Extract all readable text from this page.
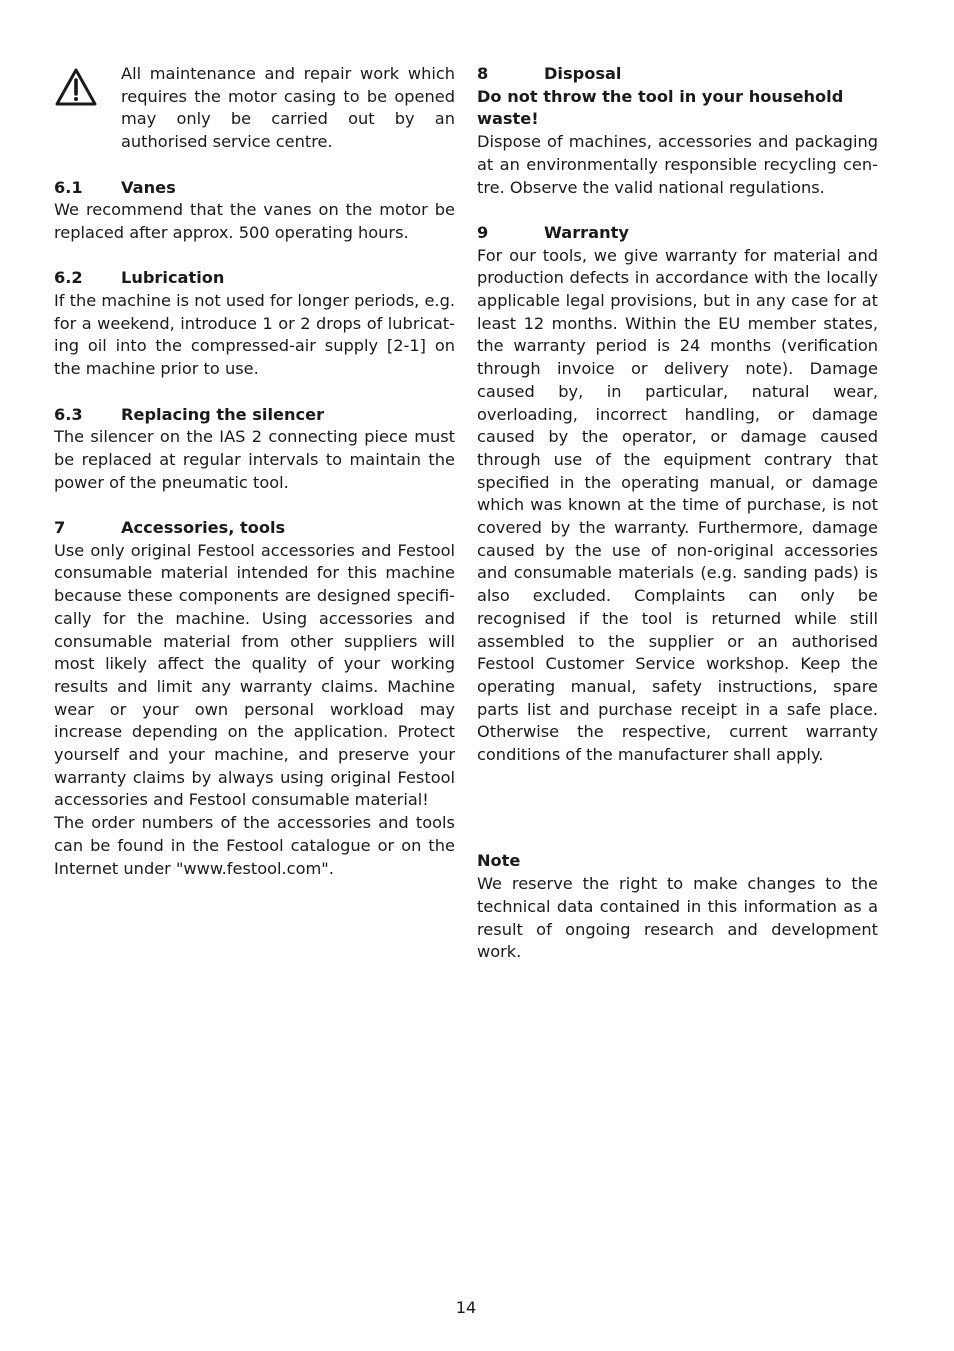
All maintenance and repair work which requires the motor casing to be opened may only be carried out by an authorised service centre.

6.1	Vanes

We recommend that the vanes on the motor be replaced after approx. 500 operating hours.

6.2	Lubrication

If the machine is not used for longer periods, e.g. for a weekend, introduce 1 or 2 drops of lubricating oil into the compressed-air supply [2-1] on the machine prior to use.

6.3	Replacing the silencer

The silencer on the IAS 2 connecting piece must be replaced at regular intervals to maintain the power of the pneumatic tool.

7	Accessories, tools

Use only original Festool accessories and Festool consumable material intended for this machine because these components are designed specifically for the machine. Using accessories and consumable material from other suppliers will most likely affect the quality of your working results and limit any warranty claims. Machine wear or your own personal workload may increase depending on the application. Protect yourself and your machine, and preserve your warranty claims by always using original Festool accessories and Festool consumable material!

The order numbers of the accessories and tools can be found in the Festool catalogue or on the Internet under "www.festool.com".

8	Disposal

Do not throw the tool in your household waste!

Dispose of machines, accessories and packaging at an environmentally responsible recycling centre. Observe the valid national regulations.

9	Warranty

For our tools, we give warranty for material and production defects in accordance with the locally applicable legal provisions, but in any case for at least 12 months. Within the EU member states, the warranty period is 24 months (verification through invoice or delivery note). Damage caused by, in particular, natural wear, overloading, incorrect handling, or damage caused by the operator, or damage caused through use of the equipment contrary that specified in the operating manual, or damage which was known at the time of purchase, is not covered by the warranty. Furthermore, damage caused by the use of non-original accessories and consumable materials (e.g. sanding pads) is also excluded. Complaints can only be recognised if the tool is returned while still assembled to the supplier or an authorised Festool Customer Service workshop. Keep the operating manual, safety instructions, spare parts list and purchase receipt in a safe place. Otherwise the respective, current warranty conditions of the manufacturer shall apply.

Note

We reserve the right to make changes to the technical data contained in this information as a result of ongoing research and development work.

14
